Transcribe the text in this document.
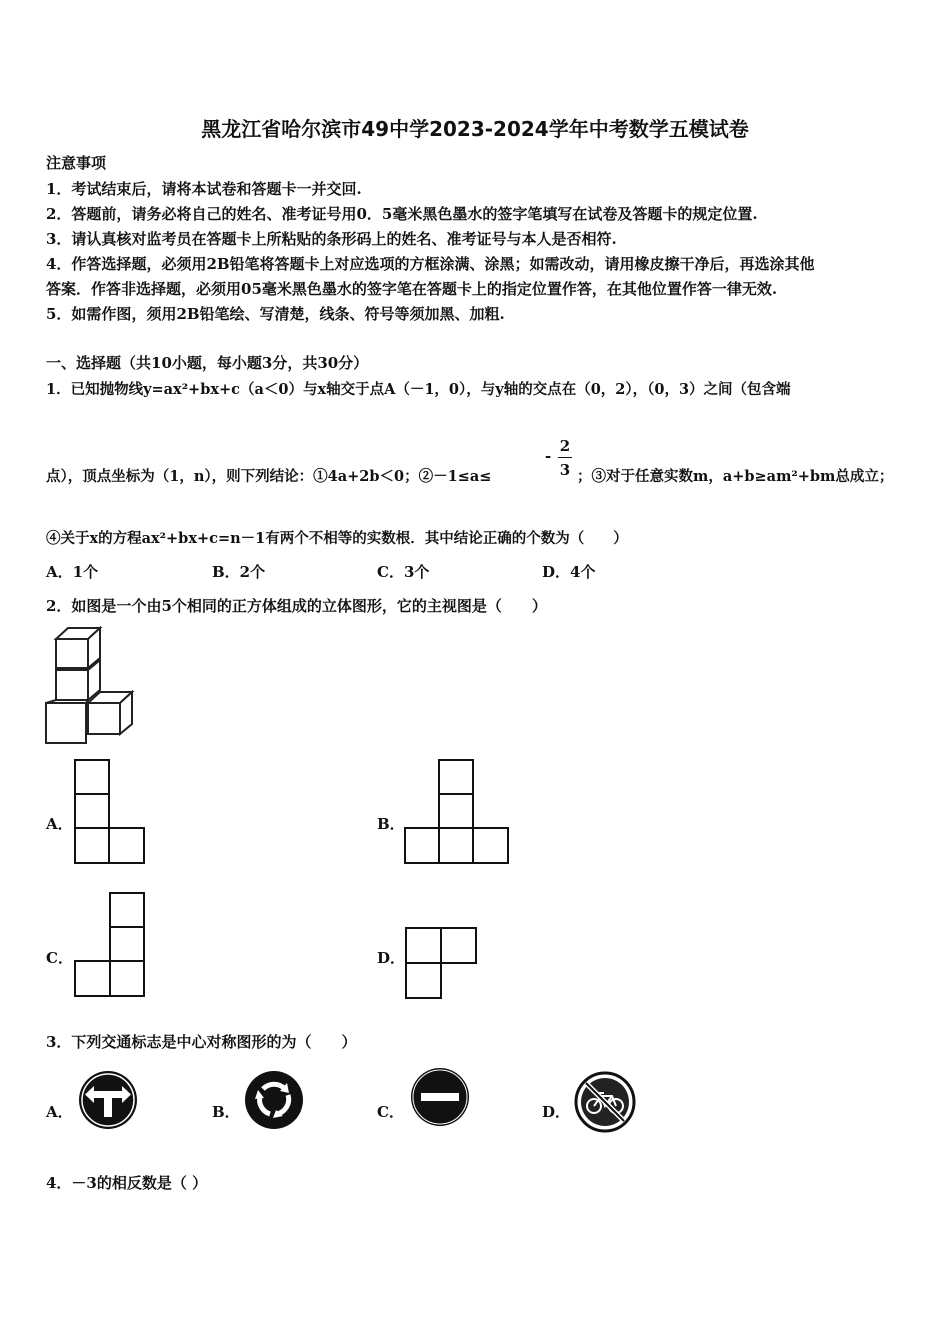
黑龙江省哈尔滨市49中学2023-2024学年中考数学五模试卷
注意事项
1．考试结束后，请将本试卷和答题卡一并交回.
2．答题前，请务必将自己的姓名、准考证号用0．5毫米黑色墨水的签字笔填写在试卷及答题卡的规定位置.
3．请认真核对监考员在答题卡上所粘贴的条形码上的姓名、准考证号与本人是否相符.
4．作答选择题，必须用2B铅笔将答题卡上对应选项的方框涂满、涂黑；如需改动，请用橡皮擦干净后，再选涂其他
答案．作答非选择题，必须用05毫米黑色墨水的签字笔在答题卡上的指定位置作答，在其他位置作答一律无效.
5．如需作图，须用2B铅笔绘、写清楚，线条、符号等须加黑、加粗.
一、选择题（共10小题，每小题3分，共30分）
1．已知抛物线y=ax²+bx+c（a＜0）与x轴交于点A（－1，0），与y轴的交点在（0，2），（0，3）之间（包含端
点），顶点坐标为（1，n），则下列结论：①4a+2b＜0；②－1≤a≤
-
2
3 ；③对于任意实数m，a+b≥am²+bm总成立；
④关于x的方程ax²+bx+c=n－1有两个不相等的实数根．其中结论正确的个数为（　　）
A．1个	B．2个	C．3个	D．4个
2．如图是一个由5个相同的正方体组成的立体图形，它的主视图是（　　）
A．	B．
C．	D．
3．下列交通标志是中心对称图形的为（　　）
A．	B．	C．	D．
4．－3的相反数是（ ）
